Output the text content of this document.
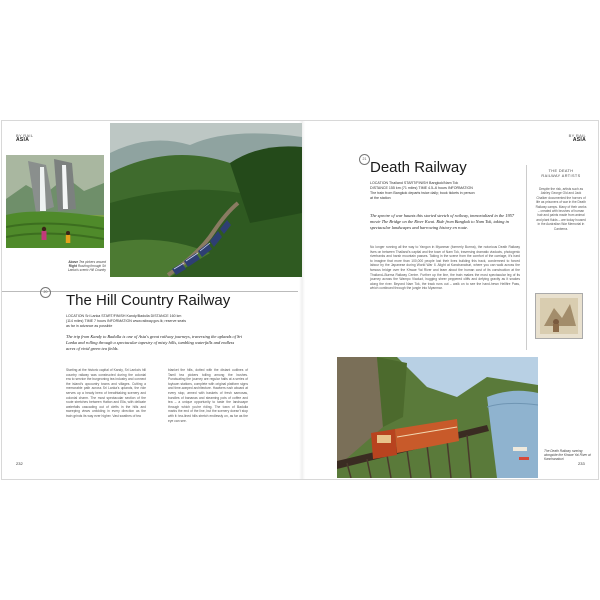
BY RAIL
ASIA
Above Tea pickers around
Right Rushing through Sri Lanka's scenic Hill Country
20 The Hill Country Railway
LOCATION Sri Lanka START/FINISH Kandy/Badulla DISTANCE 160 km
(114 miles) TIME 7 hours INFORMATION www.railway.gov.lk; reserve seats
as far in advance as possible
The trip from Kandy to Badulla is one of Asia's great railway journeys, traversing the uplands of Sri Lanka and rolling through a spectacular tapestry of misty hills, tumbling waterfalls and endless acres of vivid green tea fields.
Starting at the historic capital of Kandy, Sri Lanka's hill country railway was constructed during the colonial era to service the burgeoning tea industry and connect the island's upcountry towns and villages. Cutting a memorable path across Sri Lanka's uplands, the ride serves up a heady brew of breathtaking scenery and colonial charm. The most spectacular section of the route stretches between Hatton and Ella, with delicate waterfalls cascading out of clefts in the hills and sweeping views unfolding in every direction as the train grinds its way ever higher. Vast swathes of tea
blanket the hills, dotted with the distant outlines of Tamil tea pickers toiling among the bushes. Punctuating the journey are regular halts at a series of toytown stations, complete with original platform signs and time-warped architecture. Hawkers rush aboard at every stop, armed with baskets of fresh samosas, bundles of bananas and steaming pots of coffee and tea – a unique opportunity to taste the landscape through which you're riding. The town of Badulla marks the end of the line, but the scenery doesn't stop with it: tea-lined hills stretch endlessly on, as far as the eye can see.
232
BY RAIL
ASIA
21 Death Railway
LOCATION Thailand START/FINISH Bangkok/Nam Tok
DISTANCE 155 km (71 miles) TIME 4.5–6 hours INFORMATION
The train from Bangkok departs twice daily; book tickets in person
at the station
The spectre of war haunts this storied stretch of railway, immortalized in the 1957 movie The Bridge on the River Kwai. Ride from Bangkok to Nam Tok, taking in spectacular landscapes and harrowing history en route.
No longer running all the way to Yangon in Myanmar (formerly Burma), the notorious Death Railway lives on between Thailand's capital and the town of Nam Tok, traversing dramatic viaducts, photogenic riverbanks and harsh mountain passes. Taking in the scene from the comfort of the carriage, it's hard to imagine that more than 100,000 people lost their lives building this track, condemned to forced labour by the Japanese during World War II. Alight at Kanchanaburi, where you can walk across the famous bridge over the Khwae Yai River and learn about the human cost of its construction at the Thailand–Burma Railway Centre. Further up the line, the train makes the most spectacular leg of its journey across the Wampo Viaduct, hugging sheer peppered cliffs and defying gravity as it snakes along the river. Beyond Nam Tok, the track runs out – walk on to see the hand-hewn Hellfire Pass, which continued through the jungle into Myanmar.
THE DEATH RAILWAY ARTISTS
Despite the risk, artists such as Ashley George Old and Jack Chalker documented the horrors of life as prisoners of war in the Death Railway camps. Many of their works – created with brushes of human hair and paints made from animal and plant fluids – are today housed in the Australian War Memorial in Canberra.
The Death Railway running alongside the Khwae Yai River at Kanchanaburi
233
